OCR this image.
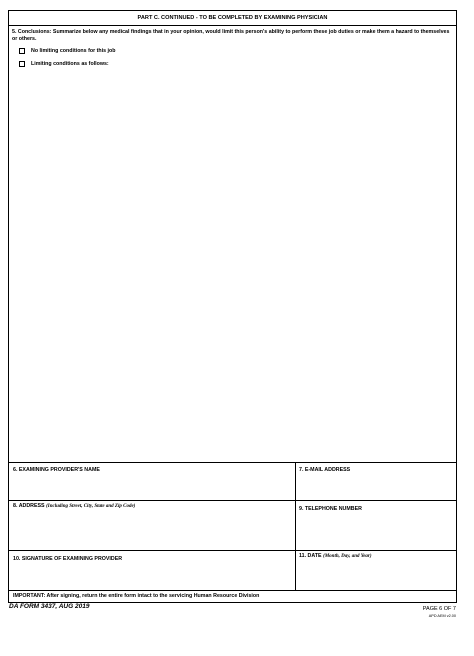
PART C. CONTINUED - TO BE COMPLETED BY EXAMINING PHYSICIAN
5. Conclusions: Summarize below any medical findings that in your opinion, would limit this person's ability to perform these job duties or make them a hazard to themselves or others.
No limiting conditions for this job
Limiting conditions as follows:
6. EXAMINING PROVIDER'S NAME	7. E-MAIL ADDRESS
8. ADDRESS (Including Street, City, State and Zip Code)	9. TELEPHONE NUMBER
10. SIGNATURE OF EXAMINING PROVIDER	11. DATE (Month, Day, and Year)
IMPORTANT: After signing, return the entire form intact to the servicing Human Resource Division
DA FORM 3437, AUG 2019	PAGE 6 OF 7
APD AEM v2.00
